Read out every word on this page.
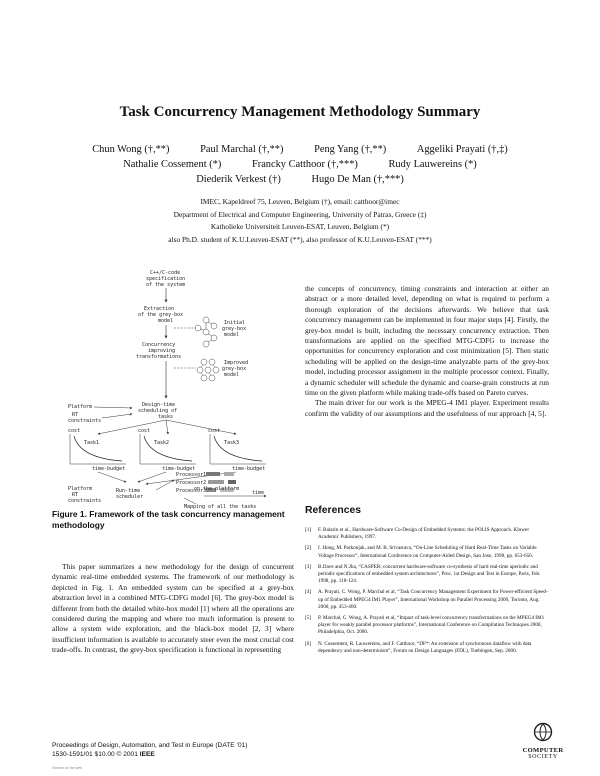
Task Concurrency Management Methodology Summary
Chun Wong (†,**)	Paul Marchal (†,**)	Peng Yang (†,**)	Aggeliki Prayati (†,‡)
Nathalie Cossement (*)	Francky Catthoor (†,***)	Rudy Lauwereins (*)
Diederik Verkest (†)	Hugo De Man (†,***)
IMEC, Kapeldreef 75, Leuven, Belgium (†), email: catthoor@imec
Department of Electrical and Computer Engineering, University of Patras, Greece (‡)
Katholieke Universiteit Leuven-ESAT, Leuven, Belgium (*)
also Ph.D. student of K.U.Leuven-ESAT (**), also professor of K.U.Leuven-ESAT (***)
C++/C-code
specification
of the system
Extraction
of the grey-box
model
Concurrency
improving
transformations
Initial
grey-box
model
Improved
grey-box
model
Design-time
scheduling of
tasks
Platform
RT
constraints
cost
Task1
time-budget
cost
Task2
time-budget
cost
Task3
time-budget
Platform
RT
constraints
Run-time
scheduler
Processor1
Processor2
Processor3	time
Mapping of all the tasks
on the platform
Figure 1. Framework of the task concurrency management methodology

This paper summarizes a new methodology for the design of concurrent dynamic real-time embedded systems. The framework of our methodology is depicted in Fig. 1. An embedded system can be specified at a grey-box abstraction level in a combined MTG-CDFG model [6]. The grey-box model is different from both the detailed white-box model [1] where all the operations are considered during the mapping and where too much information is present to allow a system wide exploration, and the black-box model [2, 3] where insufficient information is available to accurately steer even the most crucial cost trade-offs. In contrast, the grey-box specification is functional in representing

the concepts of concurrency, timing constraints and interaction at either an abstract or a more detailed level, depending on what is required to perform a thorough exploration of the decisions afterwards. We believe that task concurrency management can be implemented in four major steps [4]. Firstly, the grey-box model is built, including the necessary concurrency extraction. Then transformations are applied on the specified MTG-CDFG to increase the opportunities for concurrency exploration and cost minimization [5]. Then static scheduling will be applied on the design-time analyzable parts of the grey-box model, including processor assignment in the multiple processor context. Finally, a dynamic scheduler will schedule the dynamic and coarse-grain constructs at run time on the given platform while making trade-offs based on Pareto curves.

The main driver for our work is the MPEG-4 IM1 player. Experiment results confirm the validity of our assumptions and the usefulness of our approach [4, 5].

References
[1]	F. Balarin et al., Hardware-Software Co-Design of Embedded Systems: the POLIS Approach. Kluwer Academic Publishers, 1997.
[2]	I. Hong, M. Potkonjak, and M. B. Srivastava, “On-Line Scheduling of Hard Real-Time Tasks on Variable Voltage Processor”, International Conference on Computer-Aided Design, San Jose, 1998, pp. 653-656.
[3]	B.Dave and N.Jha, “CASPER: concurrent hardware-software co-synthesis of hard real-time aperiodic and periodic specifications of embedded system architectures”, Proc. 1st Design and Test in Europe, Paris, Feb. 1998, pp. 118-124.
[4]	A. Prayati, C. Wong, P. Marchal et al, “Task Concurrency Management Experiment for Power-efficient Speed-up of Embedded MPEG4 IM1 Player”, International Workshop on Parallel Processing 2000, Toronto, Aug. 2000, pp. 453-460.
[5]	P. Marchal, C. Wong, A. Prayati et al, “Impact of task-level concurrency transformations on the MPEG4 IM1 player for weakly parallel processor platforms”, International Conference on Compilation Techniques 2000, Philadelphia, Oct. 2000.
[6]	N. Cossement, R. Lauwereins, and F. Catthoor, “DF*: An extension of synchronous dataflow with data dependency and non-determinism”, Forum on Design Languages (FDL), Tuebingen, Sep. 2000.
Proceedings of Design, Automation, and Test in Europe (DATE ’01)
1530-1591/01 $10.00 © 2001 IEEE
Viewed on the web
COMPUTER
SOCIETY
